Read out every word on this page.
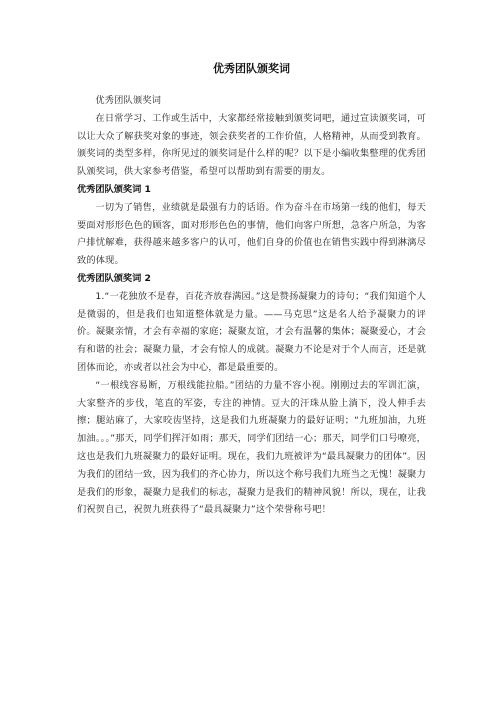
优秀团队颁奖词

优秀团队颁奖词

在日常学习、工作或生活中，大家都经常接触到颁奖词吧，通过宣读颁奖词，可以让大众了解获奖对象的事迹，领会获奖者的工作价值，人格精神，从而受到教育。颁奖词的类型多样，你所见过的颁奖词是什么样的呢？以下是小编收集整理的优秀团队颁奖词，供大家参考借鉴，希望可以帮助到有需要的朋友。

优秀团队颁奖词 1

一切为了销售，业绩就是最强有力的话语。作为奋斗在市场第一线的他们，每天要面对形形色色的顾客，面对形形色色的事情，他们向客户所想，急客户所急，为客户排忧解难，获得越来越多客户的认可，他们自身的价值也在销售实践中得到淋漓尽致的体现。

优秀团队颁奖词 2

1.“一花独放不是春，百花齐放春满园。”这是赞扬凝聚力的诗句；“我们知道个人是微弱的，但是我们也知道整体就是力量。——马克思”这是名人给予凝聚力的评价。凝聚亲情，才会有幸福的家庭；凝聚友谊，才会有温馨的集体；凝聚爱心，才会有和谐的社会；凝聚力量，才会有惊人的成就。凝聚力不论是对于个人而言，还是就团体而论，亦或者以社会为中心，都是最重要的。

“一根线容易断，万根线能拉船。”团结的力量不容小视。刚刚过去的军训汇演，大家整齐的步伐，笔直的军姿，专注的神情。豆大的汗珠从脸上淌下，没人伸手去擦；腿站麻了，大家咬齿坚持，这是我们九班凝聚力的最好证明；“九班加油，九班加油。。。”那天，同学们挥汗如雨；那天，同学们团结一心；那天，同学们口号嘹亮，这也是我们九班凝聚力的最好证明。现在，我们九班被评为“最具凝聚力的团体”。因为我们的团结一致，因为我们的齐心协力，所以这个称号我们九班当之无愧！凝聚力是我们的形象，凝聚力是我们的标志，凝聚力是我们的精神风貌！所以，现在，让我们祝贺自己，祝贺九班获得了“最具凝聚力”这个荣誉称号吧！
